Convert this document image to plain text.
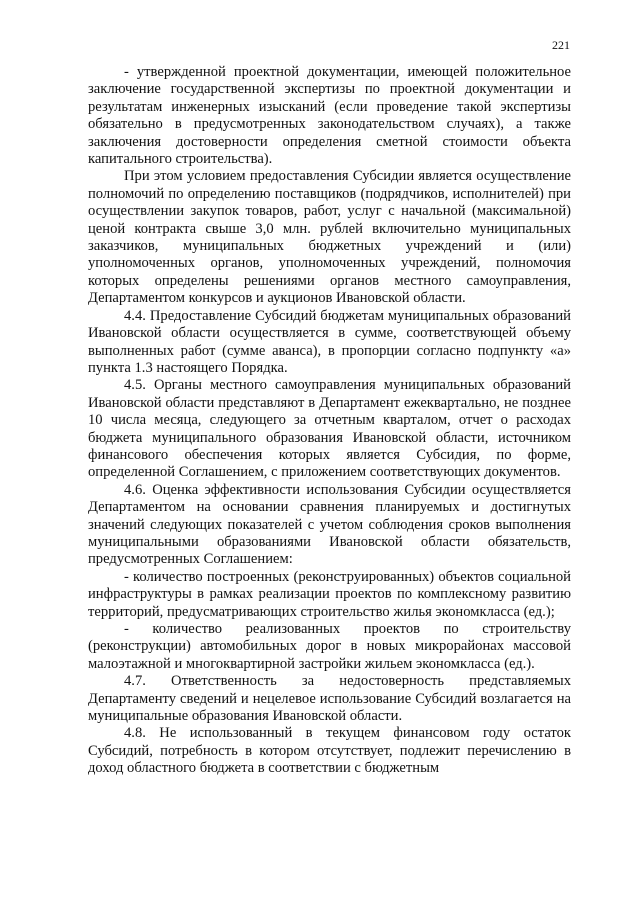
221

- утвержденной проектной документации, имеющей положительное заключение государственной экспертизы по проектной документации и результатам инженерных изысканий (если проведение такой экспертизы обязательно в предусмотренных законодательством случаях), а также заключения достоверности определения сметной стоимости объекта капитального строительства).

При этом условием предоставления Субсидии является осуществление полномочий по определению поставщиков (подрядчиков, исполнителей) при осуществлении закупок товаров, работ, услуг с начальной (максимальной) ценой контракта свыше 3,0 млн. рублей включительно муниципальных заказчиков, муниципальных бюджетных учреждений и (или) уполномоченных органов, уполномоченных учреждений, полномочия которых определены решениями органов местного самоуправления, Департаментом конкурсов и аукционов Ивановской области.

4.4. Предоставление Субсидий бюджетам муниципальных образований Ивановской области осуществляется в сумме, соответствующей объему выполненных работ (сумме аванса), в пропорции согласно подпункту «а» пункта 1.3 настоящего Порядка.

4.5. Органы местного самоуправления муниципальных образований Ивановской области представляют в Департамент ежеквартально, не позднее 10 числа месяца, следующего за отчетным кварталом, отчет о расходах бюджета муниципального образования Ивановской области, источником финансового обеспечения которых является Субсидия, по форме, определенной Соглашением, с приложением соответствующих документов.

4.6. Оценка эффективности использования Субсидии осуществляется Департаментом на основании сравнения планируемых и достигнутых значений следующих показателей с учетом соблюдения сроков выполнения муниципальными образованиями Ивановской области обязательств, предусмотренных Соглашением:

- количество построенных (реконструированных) объектов социальной инфраструктуры в рамках реализации проектов по комплексному развитию территорий, предусматривающих строительство жилья экономкласса (ед.);

- количество реализованных проектов по строительству (реконструкции) автомобильных дорог в новых микрорайонах массовой малоэтажной и многоквартирной застройки жильем экономкласса (ед.).

4.7. Ответственность за недостоверность представляемых Департаменту сведений и нецелевое использование Субсидий возлагается на муниципальные образования Ивановской области.

4.8. Не использованный в текущем финансовом году остаток Субсидий, потребность в котором отсутствует, подлежит перечислению в доход областного бюджета в соответствии с бюджетным
